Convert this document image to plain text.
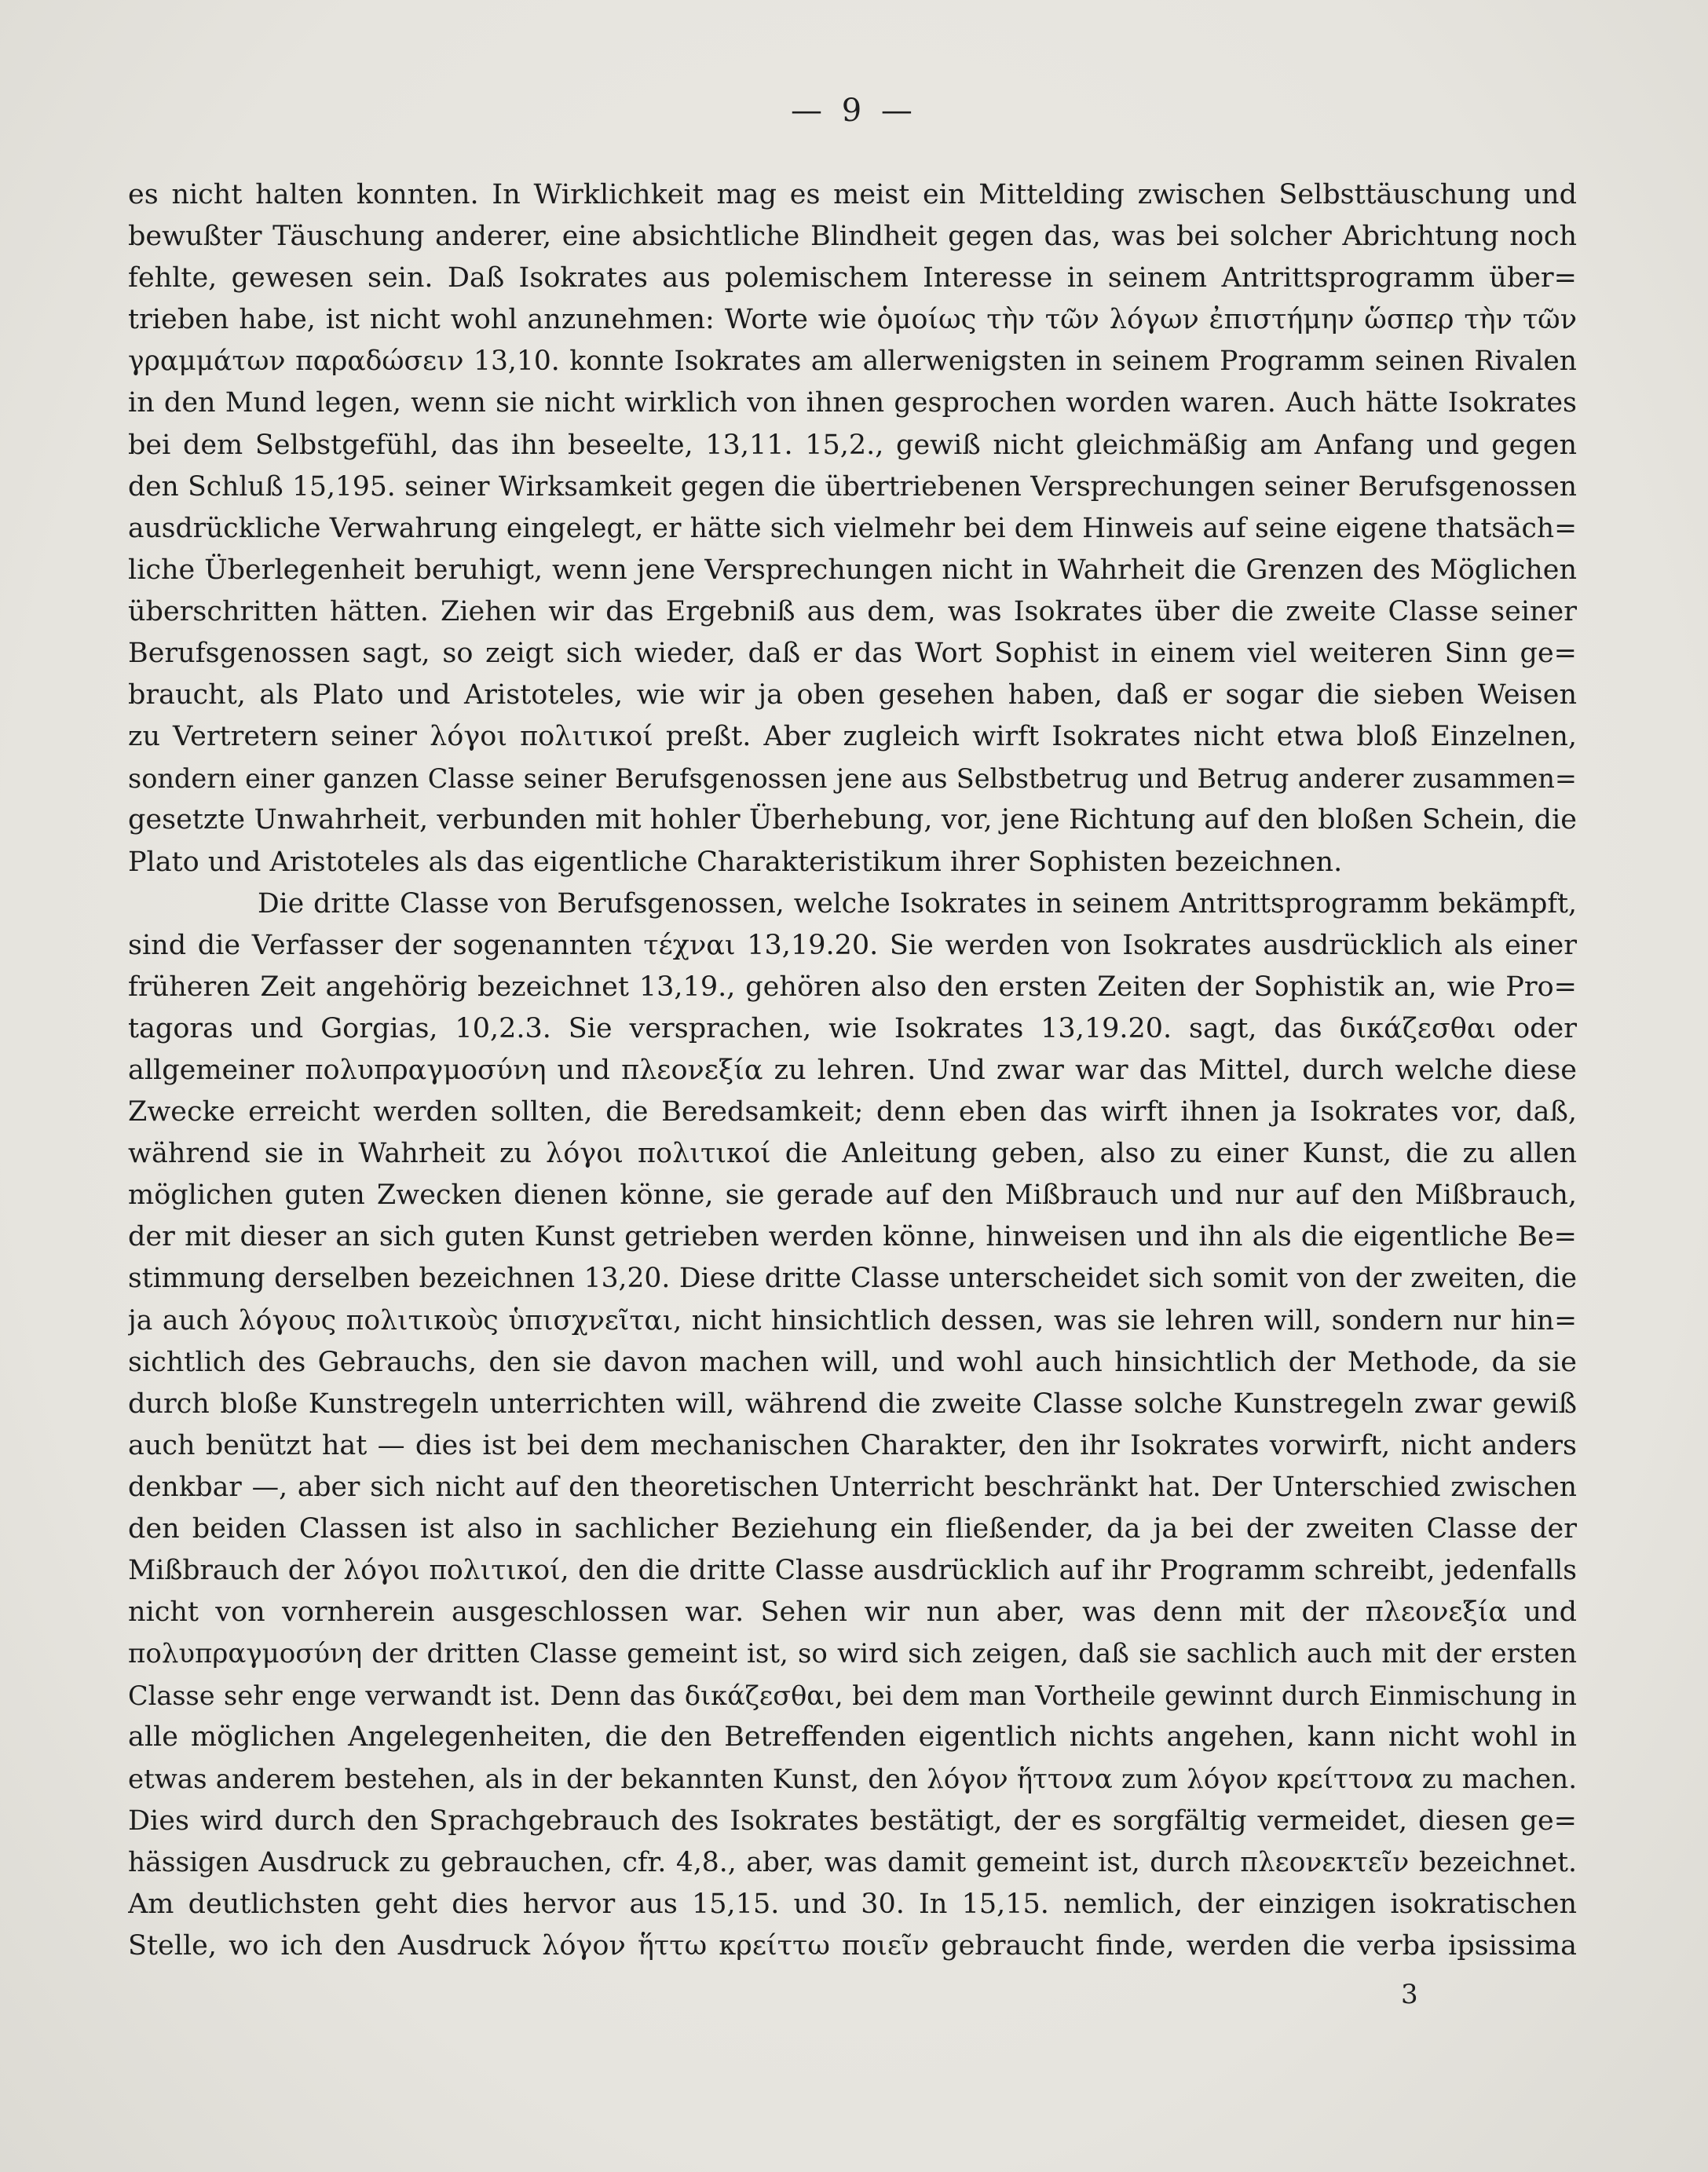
— 9 —
es nicht halten konnten. In Wirklichkeit mag es meist ein Mittelding zwischen Selbsttäuschung und
bewußter Täuschung anderer, eine absichtliche Blindheit gegen das, was bei solcher Abrichtung noch
fehlte, gewesen sein. Daß Isokrates aus polemischem Interesse in seinem Antrittsprogramm über=
trieben habe, ist nicht wohl anzunehmen: Worte wie ὁμοίως τὴν τῶν λόγων ἐπιστήμην ὥσπερ τὴν τῶν
γραμμάτων παραδώσειν 13,10. konnte Isokrates am allerwenigsten in seinem Programm seinen Rivalen
in den Mund legen, wenn sie nicht wirklich von ihnen gesprochen worden waren. Auch hätte Isokrates
bei dem Selbstgefühl, das ihn beseelte, 13,11. 15,2., gewiß nicht gleichmäßig am Anfang und gegen
den Schluß 15,195. seiner Wirksamkeit gegen die übertriebenen Versprechungen seiner Berufsgenossen
ausdrückliche Verwahrung eingelegt, er hätte sich vielmehr bei dem Hinweis auf seine eigene thatsäch=
liche Überlegenheit beruhigt, wenn jene Versprechungen nicht in Wahrheit die Grenzen des Möglichen
überschritten hätten. Ziehen wir das Ergebniß aus dem, was Isokrates über die zweite Classe seiner
Berufsgenossen sagt, so zeigt sich wieder, daß er das Wort Sophist in einem viel weiteren Sinn ge=
braucht, als Plato und Aristoteles, wie wir ja oben gesehen haben, daß er sogar die sieben Weisen
zu Vertretern seiner λόγοι πολιτικοί preßt. Aber zugleich wirft Isokrates nicht etwa bloß Einzelnen,
sondern einer ganzen Classe seiner Berufsgenossen jene aus Selbstbetrug und Betrug anderer zusammen=
gesetzte Unwahrheit, verbunden mit hohler Überhebung, vor, jene Richtung auf den bloßen Schein, die
Plato und Aristoteles als das eigentliche Charakteristikum ihrer Sophisten bezeichnen.
Die dritte Classe von Berufsgenossen, welche Isokrates in seinem Antrittsprogramm bekämpft,
sind die Verfasser der sogenannten τέχναι 13,19.20. Sie werden von Isokrates ausdrücklich als einer
früheren Zeit angehörig bezeichnet 13,19., gehören also den ersten Zeiten der Sophistik an, wie Pro=
tagoras und Gorgias, 10,2.3. Sie versprachen, wie Isokrates 13,19.20. sagt, das δικάζεσθαι oder
allgemeiner πολυπραγμοσύνη und πλεονεξία zu lehren. Und zwar war das Mittel, durch welche diese
Zwecke erreicht werden sollten, die Beredsamkeit; denn eben das wirft ihnen ja Isokrates vor, daß,
während sie in Wahrheit zu λόγοι πολιτικοί die Anleitung geben, also zu einer Kunst, die zu allen
möglichen guten Zwecken dienen könne, sie gerade auf den Mißbrauch und nur auf den Mißbrauch,
der mit dieser an sich guten Kunst getrieben werden könne, hinweisen und ihn als die eigentliche Be=
stimmung derselben bezeichnen 13,20. Diese dritte Classe unterscheidet sich somit von der zweiten, die
ja auch λόγους πολιτικοὺς ὑπισχνεῖται, nicht hinsichtlich dessen, was sie lehren will, sondern nur hin=
sichtlich des Gebrauchs, den sie davon machen will, und wohl auch hinsichtlich der Methode, da sie
durch bloße Kunstregeln unterrichten will, während die zweite Classe solche Kunstregeln zwar gewiß
auch benützt hat — dies ist bei dem mechanischen Charakter, den ihr Isokrates vorwirft, nicht anders
denkbar —, aber sich nicht auf den theoretischen Unterricht beschränkt hat. Der Unterschied zwischen
den beiden Classen ist also in sachlicher Beziehung ein fließender, da ja bei der zweiten Classe der
Mißbrauch der λόγοι πολιτικοί, den die dritte Classe ausdrücklich auf ihr Programm schreibt, jedenfalls
nicht von vornherein ausgeschlossen war. Sehen wir nun aber, was denn mit der πλεονεξία und
πολυπραγμοσύνη der dritten Classe gemeint ist, so wird sich zeigen, daß sie sachlich auch mit der ersten
Classe sehr enge verwandt ist. Denn das δικάζεσθαι, bei dem man Vortheile gewinnt durch Einmischung in
alle möglichen Angelegenheiten, die den Betreffenden eigentlich nichts angehen, kann nicht wohl in
etwas anderem bestehen, als in der bekannten Kunst, den λόγον ἥττονα zum λόγον κρείττονα zu machen.
Dies wird durch den Sprachgebrauch des Isokrates bestätigt, der es sorgfältig vermeidet, diesen ge=
hässigen Ausdruck zu gebrauchen, cfr. 4,8., aber, was damit gemeint ist, durch πλεονεκτεῖν bezeichnet.
Am deutlichsten geht dies hervor aus 15,15. und 30. In 15,15. nemlich, der einzigen isokratischen
Stelle, wo ich den Ausdruck λόγον ἥττω κρείττω ποιεῖν gebraucht finde, werden die verba ipsissima
3
